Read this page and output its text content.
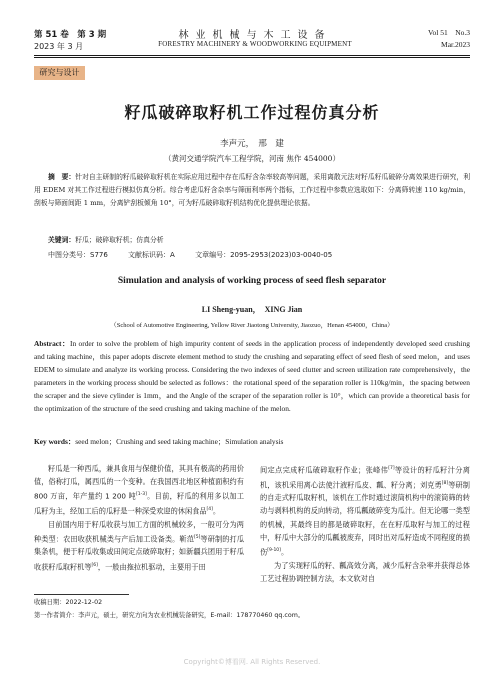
第 51 卷　第 3 期
2023 年 3 月
林业机械与木工设备
FORESTRY MACHINERY & WOODWORKING EQUIPMENT
Vol 51　No.3
Mar.2023
研究与设计
籽瓜破碎取籽机工作过程仿真分析
李声元，　邢　建
（黄河交通学院汽车工程学院，河南 焦作 454000）
摘　要：针对自主研制的籽瓜破碎取籽机在实际应用过程中存在瓜籽含杂率较高等问题，采用离散元法对籽瓜籽瓜破碎分离效果进行研究，利用 EDEM 对其工作过程进行模拟仿真分析。综合考虑瓜籽含杂率与筛面利率两个指标，工作过程中参数应选取如下：分离筛转速 110 kg/min，刮板与筛面间距 1 mm，分离铲刮板倾角 10°，可为籽瓜破碎取籽机结构优化提供理论依据。
关键词：籽瓜；破碎取籽机；仿真分析
中图分类号：S776	文献标识码：A	文章编号：2095-2953(2023)03-0040-05
Simulation and analysis of working process of seed flesh separator
LI Sheng-yuan，　XING Jian
（School of Automotive Engineering, Yellow River Jiaotong University, Jiaozuo，Henan 454000，China）
Abstract：In order to solve the problem of high impurity content of seeds in the application process of independently developed seed crushing and taking machine，this paper adopts discrete element method to study the crushing and separating effect of seed flesh of seed melon，and uses EDEM to simulate and analyze its working process. Considering the two indexes of seed clutter and screen utilization rate comprehensively，the parameters in the working process should be selected as follows：the rotational speed of the separation roller is 110kg/min，the spacing between the scraper and the sieve cylinder is 1mm，and the Angle of the scraper of the separation roller is 10°，which can provide a theoretical basis for the optimization of the structure of the seed crushing and taking machine of the melon.
Key words：seed melon；Crushing and seed taking machine；Simulation analysis

籽瓜是一种西瓜，兼具食用与保健价值，其具有极高的药用价值，俗称打瓜，属西瓜的一个变种。在我国西北地区种植面积约有 800 万亩，年产量约 1 200 吨[1-3]。目前，籽瓜的利用多以加工瓜籽为主，经加工后的瓜籽是一种深受欢迎的休闲食品[4]。

目前国内用于籽瓜收获与加工方面的机械较多，一般可分为两种类型：农田收获机械类与产后加工设备类。靳范[5]等研制的打瓜集条机，便于籽瓜收集或田间定点破碎取籽；如新疆兵团用于籽瓜收获籽瓜取籽机等[6]，一般由拖拉机驱动，主要用于田

间定点完成籽瓜破碎取籽作业；张峰伟[7]等设计的籽瓜籽汁分离机，该机采用离心法使汁液籽瓜皮、瓤、籽分离；刘克勇[8]等研制的自走式籽瓜取籽机，该机在工作时通过滚筒机构中的滚筒筛的转动与剥料机构的反向转动，将瓜瓤破碎变为瓜汁。但无论哪一类型的机械，其最终目的都是破碎取籽，在在籽瓜取籽与加工的过程中，籽瓜中大部分的瓜瓤被废弃，同时出对瓜籽造成不同程度的损伤[9-10]。

为了实现籽瓜的籽、瓤高效分离，减少瓜籽含杂率并获得总体工艺过程协调控制方法，本文软对自

收稿日期：2022-12-02
第一作者简介：李声元，硕士，研究方向为农业机械装备研究，E-mail：178770460 qq.com。
Copyright©博看网. All Rights Reserved.
